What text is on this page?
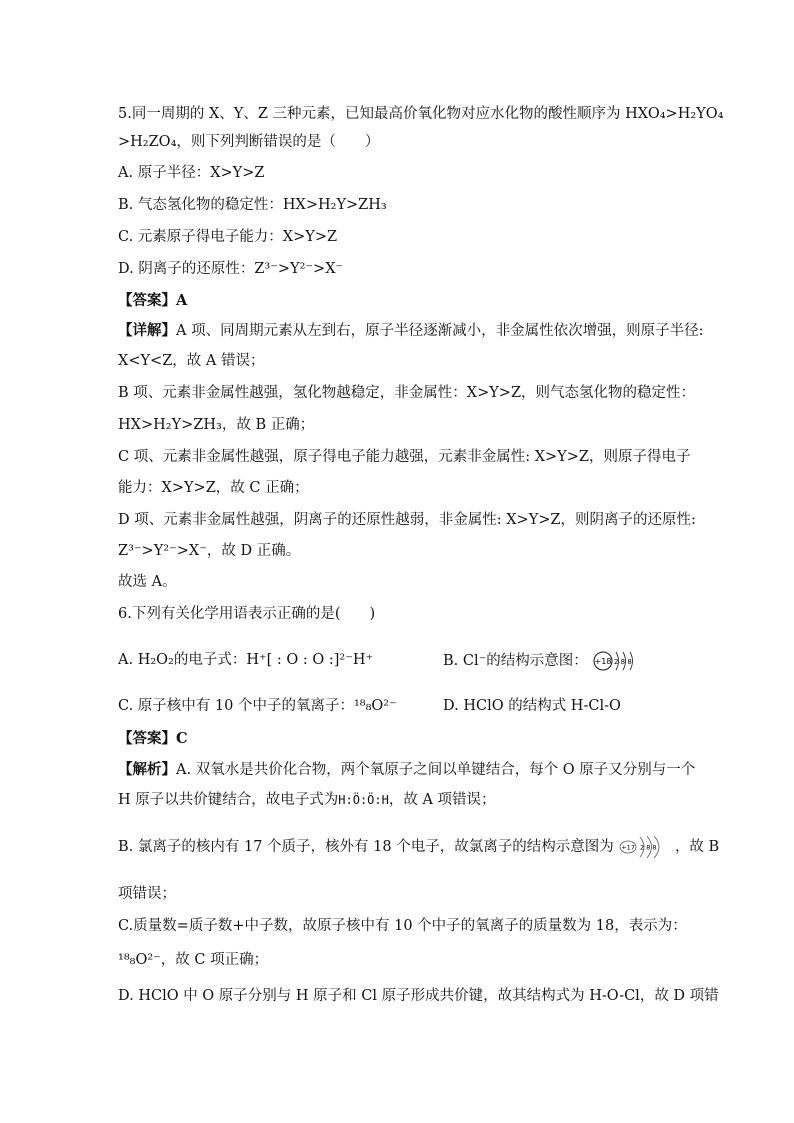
5.同一周期的 X、Y、Z 三种元素，已知最高价氧化物对应水化物的酸性顺序为 HXO₄>H₂YO₄
>H₂ZO₄，则下列判断错误的是（　　）
A. 原子半径：X>Y>Z
B. 气态氢化物的稳定性：HX>H₂Y>ZH₃
C. 元素原子得电子能力：X>Y>Z
D. 阴离子的还原性：Z³⁻>Y²⁻>X⁻
【答案】A
【详解】A 项、同周期元素从左到右，原子半径逐渐减小，非金属性依次增强，则原子半径:
X<Y<Z，故 A 错误；
B 项、元素非金属性越强，氢化物越稳定，非金属性：X>Y>Z，则气态氢化物的稳定性：
HX>H₂Y>ZH₃，故 B 正确；
C 项、元素非金属性越强，原子得电子能力越强，元素非金属性: X>Y>Z，则原子得电子
能力：X>Y>Z，故 C 正确；
D 项、元素非金属性越强，阴离子的还原性越弱，非金属性: X>Y>Z，则阴离子的还原性:
Z³⁻>Y²⁻>X⁻，故 D 正确。
故选 A。
6.下列有关化学用语表示正确的是(　　)
A. H₂O₂的电子式：H⁺[ : O : O :]²⁻H⁺	B. Cl⁻的结构示意图： +18 2 8 8
C. 原子核中有 10 个中子的氧离子：¹⁸₈O²⁻	D. HClO 的结构式 H-Cl-O
【答案】C
【解析】A. 双氧水是共价化合物，两个氧原子之间以单键结合，每个 O 原子又分别与一个
H 原子以共价键结合，故电子式为H:Ö:Ö:H，故 A 项错误；
B. 氯离子的核内有 17 个质子，核外有 18 个电子，故氯离子的结构示意图为 +17 2 8 8 ，故 B
项错误；
C.质量数=质子数+中子数，故原子核中有 10 个中子的氧离子的质量数为 18，表示为：
¹⁸₈O²⁻，故 C 项正确；
D. HClO 中 O 原子分别与 H 原子和 Cl 原子形成共价键，故其结构式为 H-O-Cl，故 D 项错
